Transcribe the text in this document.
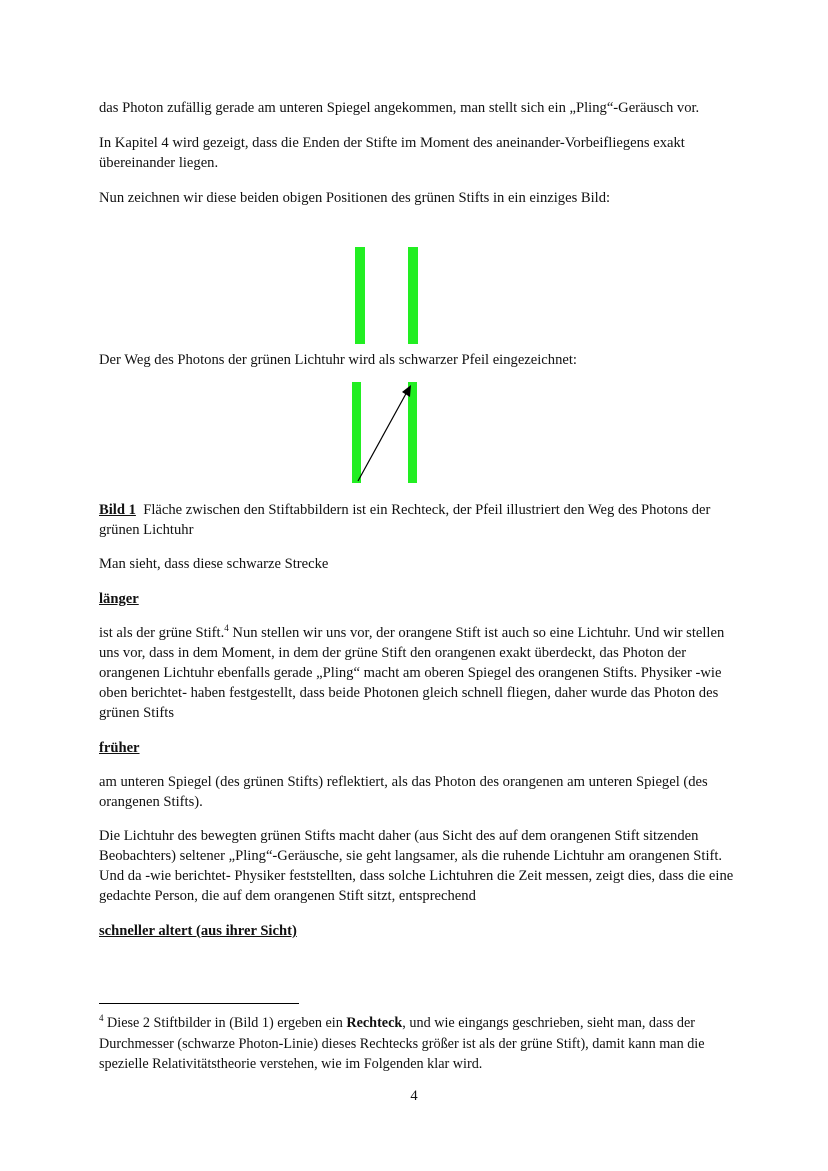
das Photon zufällig gerade am unteren Spiegel angekommen, man stellt sich ein „Pling“-Geräusch vor.

In Kapitel 4 wird gezeigt, dass die Enden der Stifte im Moment des aneinander-Vorbeifliegens exakt übereinander liegen.

Nun zeichnen wir diese beiden obigen Positionen des grünen Stifts in ein einziges Bild:

Der Weg des Photons der grünen Lichtuhr wird als schwarzer Pfeil eingezeichnet:

Bild 1 Fläche zwischen den Stiftabbildern ist ein Rechteck, der Pfeil illustriert den Weg des Photons der grünen Lichtuhr

Man sieht, dass diese schwarze Strecke

länger

ist als der grüne Stift.$^4$ Nun stellen wir uns vor, der orangene Stift ist auch so eine Lichtuhr. Und wir stellen uns vor, dass in dem Moment, in dem der grüne Stift den orangenen exakt überdeckt, das Photon der orangenen Lichtuhr ebenfalls gerade „Pling“ macht am oberen Spiegel des orangenen Stifts. Physiker -wie oben berichtet- haben festgestellt, dass beide Photonen gleich schnell fliegen, daher wurde das Photon des grünen Stifts

früher

am unteren Spiegel (des grünen Stifts) reflektiert, als das Photon des orangenen am unteren Spiegel (des orangenen Stifts).

Die Lichtuhr des bewegten grünen Stifts macht daher (aus Sicht des auf dem orangenen Stift sitzenden Beobachters) seltener „Pling“-Geräusche, sie geht langsamer, als die ruhende Lichtuhr am orangenen Stift. Und da -wie berichtet- Physiker feststellten, dass solche Lichtuhren die Zeit messen, zeigt dies, dass die eine gedachte Person, die auf dem orangenen Stift sitzt, entsprechend

schneller altert (aus ihrer Sicht)

$^4$ Diese 2 Stiftbilder in (Bild 1) ergeben ein Rechteck, und wie eingangs geschrieben, sieht man, dass der Durchmesser (schwarze Photon-Linie) dieses Rechtecks größer ist als der grüne Stift), damit kann man die spezielle Relativitätstheorie verstehen, wie im Folgenden klar wird.

4
